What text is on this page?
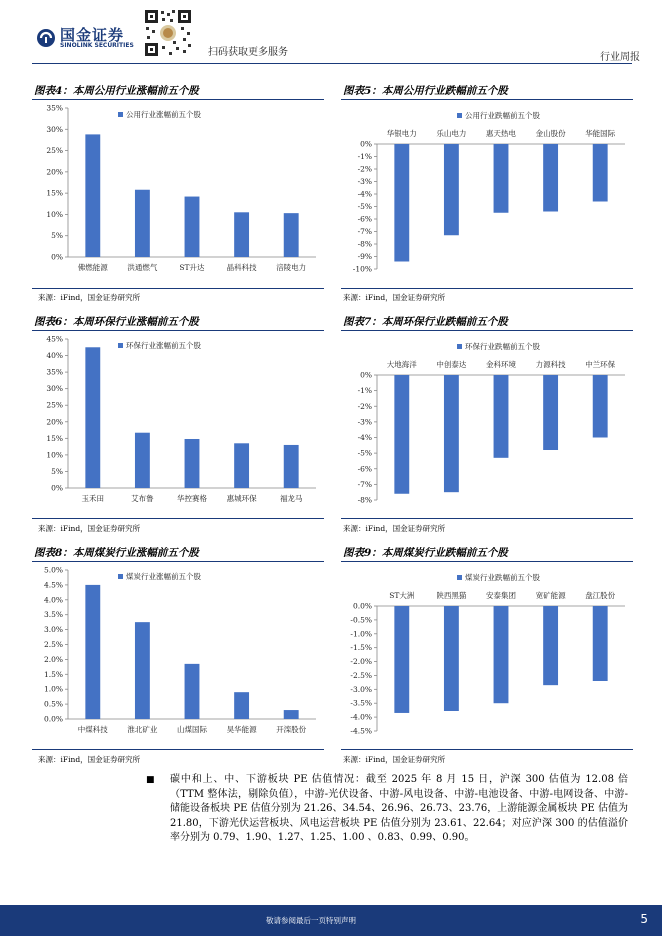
国金证券
SINOLINK SECURITIES
扫码获取更多服务	行业周报
图表4：本周公用行业涨幅前五个股	图表5：本周公用行业跌幅前五个股
0%
5%
10%
15%
20%
25%
30%
35%
佛燃能源	洪通燃气	ST升达	晶科科技	涪陵电力
公用行业涨幅前五个股
0%
-1%
-2%
-3%
-4%
-5%
-6%
-7%
-8%
-9%
-10%
华银电力	乐山电力	惠天热电	金山股份	华能国际
公用行业跌幅前五个股
来源：iFind，国金证券研究所	来源：iFind，国金证券研究所
图表6：本周环保行业涨幅前五个股	图表7：本周环保行业跌幅前五个股
0%
5%
10%
15%
20%
25%
30%
35%
40%
45%
玉禾田	艾布鲁	华控赛格	惠城环保	福龙马
环保行业涨幅前五个股
0%
-1%
-2%
-3%
-4%
-5%
-6%
-7%
-8%
大地海洋	中创泰达	金科环境	力源科技	中兰环保
环保行业跌幅前五个股
来源：iFind，国金证券研究所	来源：iFind，国金证券研究所
图表8：本周煤炭行业涨幅前五个股	图表9：本周煤炭行业跌幅前五个股
0.0%
0.5%
1.0%
1.5%
2.0%
2.5%
3.0%
3.5%
4.0%
4.5%
5.0%
中煤科技	淮北矿业	山煤国际	昊华能源	开滦股份
煤炭行业涨幅前五个股
0.0%
-0.5%
-1.0%
-1.5%
-2.0%
-2.5%
-3.0%
-3.5%
-4.0%
-4.5%
ST大洲	陕西黑猫	安泰集团	宽矿能源	盘江股份
煤炭行业跌幅前五个股
来源：iFind，国金证券研究所	来源：iFind，国金证券研究所
■ 碳中和上、中、下游板块 PE 估值情况：截至 2025 年 8 月 15 日，沪深 300 估值为 12.08 倍（TTM 整体法，剔除负值），中游-光伏设备、中游-风电设备、中游-电池设备、中游-电网设备、中游-储能设备板块 PE 估值分别为 21.26、34.54、26.96、26.73、23.76，上游能源金属板块 PE 估值为 21.80，下游光伏运营板块、风电运营板块 PE 估值分别为 23.61、22.64；对应沪深 300 的估值溢价率分别为 0.79、1.90、1.27、1.25、1.00 、0.83、0.99、0.90。
敬请参阅最后一页特别声明	5
